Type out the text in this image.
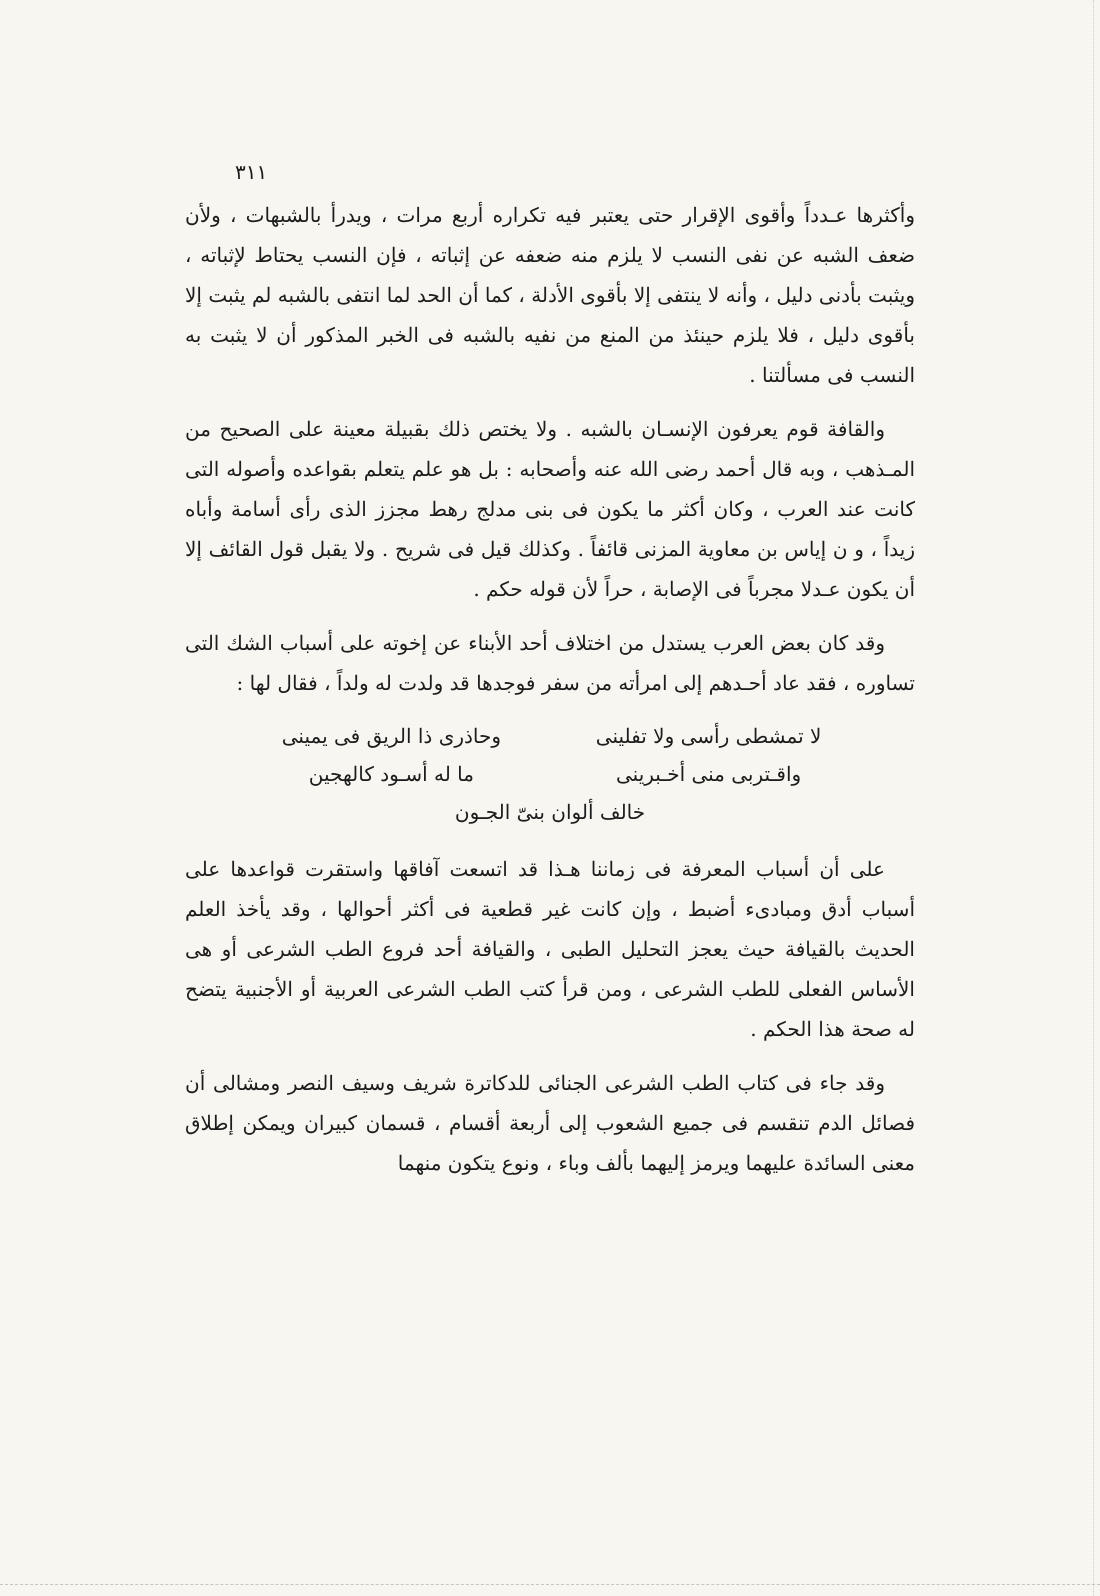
٣١١

وأكثرها عـدداً وأقوى الإقرار حتى يعتبر فيه تكراره أربع مرات ، ويدرأ بالشبهات ، ولأن ضعف الشبه عن نفى النسب لا يلزم منه ضعفه عن إثباته ، فإن النسب يحتاط لإثباته ، ويثبت بأدنى دليل ، وأنه لا ينتفى إلا بأقوى الأدلة ، كما أن الحد لما انتفى بالشبه لم يثبت إلا بأقوى دليل ، فلا يلزم حينئذ من المنع من نفيه بالشبه فى الخبر المذكور أن لا يثبت به النسب فى مسألتنا .

والقافة قوم يعرفون الإنسـان بالشبه . ولا يختص ذلك بقبيلة معينة على الصحيح من المـذهب ، وبه قال أحمد رضى الله عنه وأصحابه : بل هو علم يتعلم بقواعده وأصوله التى كانت عند العرب ، وكان أكثر ما يكون فى بنى مدلج رهط مجزز الذى رأى أسامة وأباه زيداً ، و ن إياس بن معاوية المزنى قائفاً . وكذلك قيل فى شريح . ولا يقبل قول القائف إلا أن يكون عـدلا مجرباً فى الإصابة ، حراً لأن قوله حكم .

وقد كان بعض العرب يستدل من اختلاف أحد الأبناء عن إخوته على أسباب الشك التى تساوره ، فقد عاد أحـدهم إلى امرأته من سفر فوجدها قد ولدت له ولداً ، فقال لها :

لا تمشطى رأسى ولا تفلينى
وحاذرى ذا الريق فى يمينى
واقـتربى منى أخـبرينى
ما له أسـود كالهجين
خالف ألوان بنىّ الجـون

على أن أسباب المعرفة فى زماننا هـذا قد اتسعت آفاقها واستقرت قواعدها على أسباب أدق ومبادىء أضبط ، وإن كانت غير قطعية فى أكثر أحوالها ، وقد يأخذ العلم الحديث بالقيافة حيث يعجز التحليل الطبى ، والقيافة أحد فروع الطب الشرعى أو هى الأساس الفعلى للطب الشرعى ، ومن قرأ كتب الطب الشرعى العربية أو الأجنبية يتضح له صحة هذا الحكم .

وقد جاء فى كتاب الطب الشرعى الجنائى للدكاترة شريف وسيف النصر ومشالى أن فصائل الدم تنقسم فى جميع الشعوب إلى أربعة أقسام ، قسمان كبيران ويمكن إطلاق معنى السائدة عليهما ويرمز إليهما بألف وباء ، ونوع يتكون منهما
